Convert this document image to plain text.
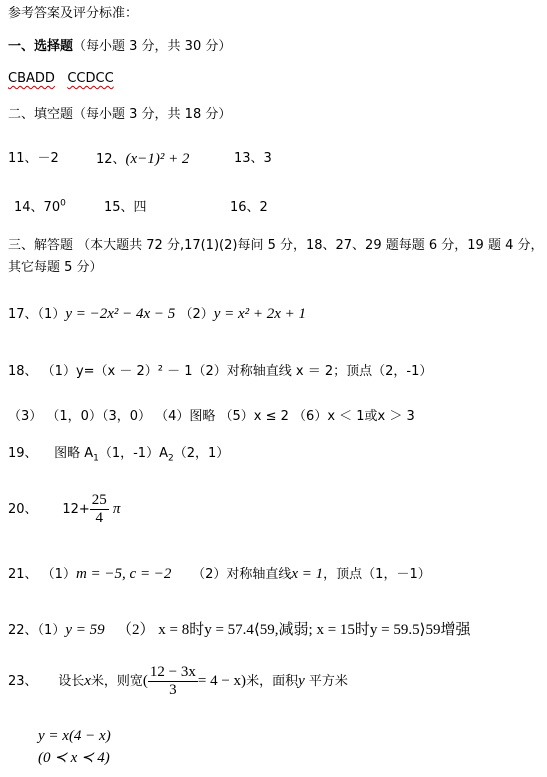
参考答案及评分标准：
一、选择题（每小题 3 分，共 30 分）
CBADD CCDCC
二、填空题（每小题 3 分，共 18 分）
11、－2	12、(x−1)² + 2	13、3
14、$70^0$	15、四	16、2
三、解答题 （本大题共 72 分,17(1)(2)每问 5 分，18、27、29 题每题 6 分，19 题 4 分，
其它每题 5 分）
17、（1）y = −2x² − 4x − 5 （2）y = x² + 2x + 1
18、 （1）y=（x － 2）² － 1（2）对称轴直线 x ＝ 2；顶点（2，-1）
（3） （1，0）（3，0） （4）图略 （5）x ≤ 2 （6）x ＜ 1或x ＞ 3
19、 图略 $A_1(1$，$-1)A_2(2$，1）
20、 $12+ \frac{25}{4}$ π
21、 （1）m = −5, c = −2 （2）对称轴直线x = 1，顶点（1，－1）
22、（1）y = 59 （2） x = 8时y = 57.4⟨59,减弱; x = 15时y = 59.5⟩59增强
23、 设长x米，则宽( $\frac{12 - 3x}{3} = 4 - x$)米，面积y 平方米
y = x(4 − x)
(0 ≺ x ≺ 4)
